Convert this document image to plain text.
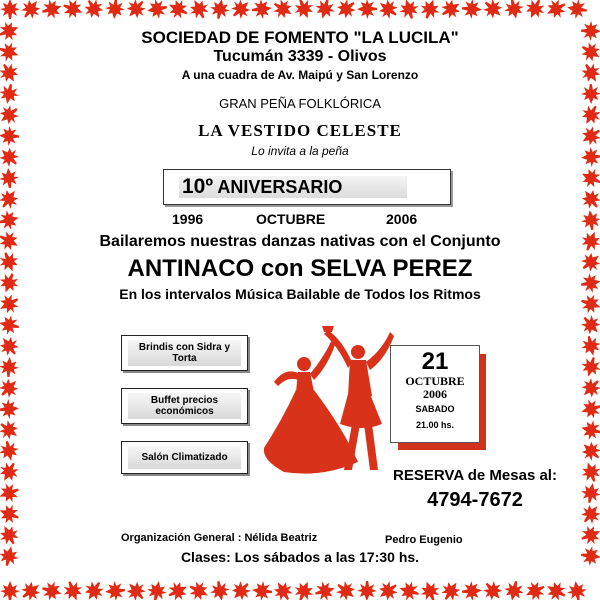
SOCIEDAD DE FOMENTO "LA LUCILA"
Tucumán 3339 - Olivos
A una cuadra de Av. Maipú y San Lorenzo
GRAN PEÑA FOLKLÓRICA
LA VESTIDO CELESTE
Lo invita a la peña
10º ANIVERSARIO
1996	OCTUBRE	2006
Bailaremos nuestras danzas nativas con el Conjunto
ANTINACO con SELVA PEREZ
En los intervalos Música Bailable de Todos los Ritmos
Brindis con Sidra y Torta
Buffet precios económicos
Salón Climatizado
21
OCTUBRE
2006
SABADO
21.00 hs.
RESERVA de Mesas al:
4794-7672
Organización General : Nélida Beatriz	Pedro Eugenio
Clases: Los sábados a las 17:30 hs.
